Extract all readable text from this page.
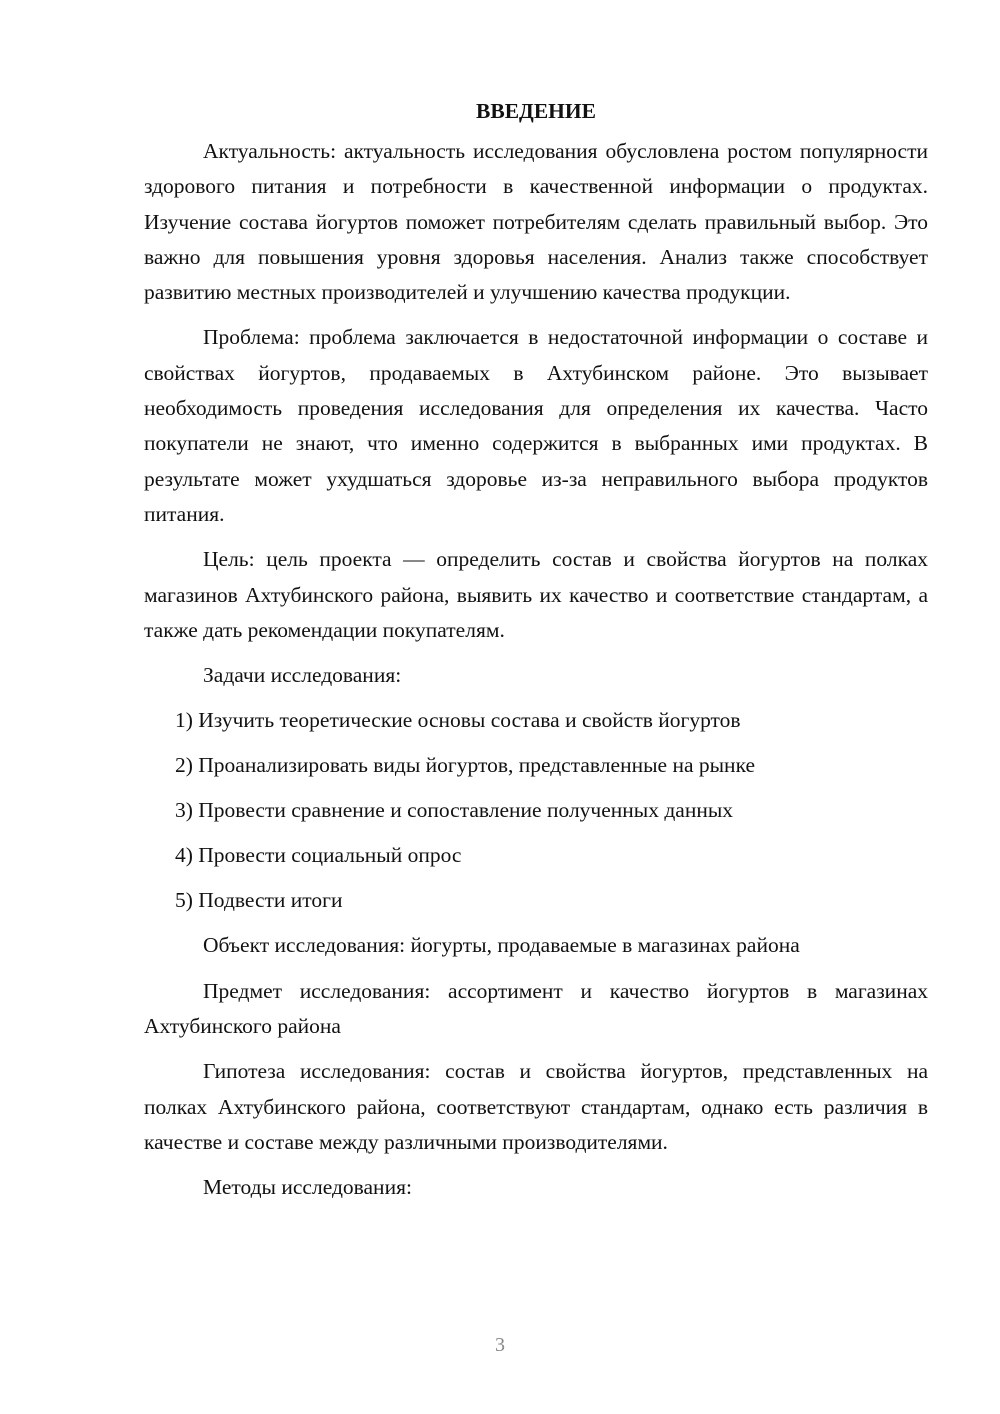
ВВЕДЕНИЕ

Актуальность: актуальность исследования обусловлена ростом популярности здорового питания и потребности в качественной информации о продуктах. Изучение состава йогуртов поможет потребителям сделать правильный выбор. Это важно для повышения уровня здоровья населения. Анализ также способствует развитию местных производителей и улучшению качества продукции.

Проблема: проблема заключается в недостаточной информации о составе и свойствах йогуртов, продаваемых в Ахтубинском районе. Это вызывает необходимость проведения исследования для определения их качества. Часто покупатели не знают, что именно содержится в выбранных ими продуктах. В результате может ухудшаться здоровье из-за неправильного выбора продуктов питания.

Цель: цель проекта — определить состав и свойства йогуртов на полках магазинов Ахтубинского района, выявить их качество и соответствие стандартам, а также дать рекомендации покупателям.

Задачи исследования:

1) Изучить теоретические основы состава и свойств йогуртов
2) Проанализировать виды йогуртов, представленные на рынке
3) Провести сравнение и сопоставление полученных данных
4) Провести социальный опрос
5) Подвести итоги

Объект исследования: йогурты, продаваемые в магазинах района

Предмет исследования: ассортимент и качество йогуртов в магазинах Ахтубинского района

Гипотеза исследования: состав и свойства йогуртов, представленных на полках Ахтубинского района, соответствуют стандартам, однако есть различия в качестве и составе между различными производителями.

Методы исследования:

3
